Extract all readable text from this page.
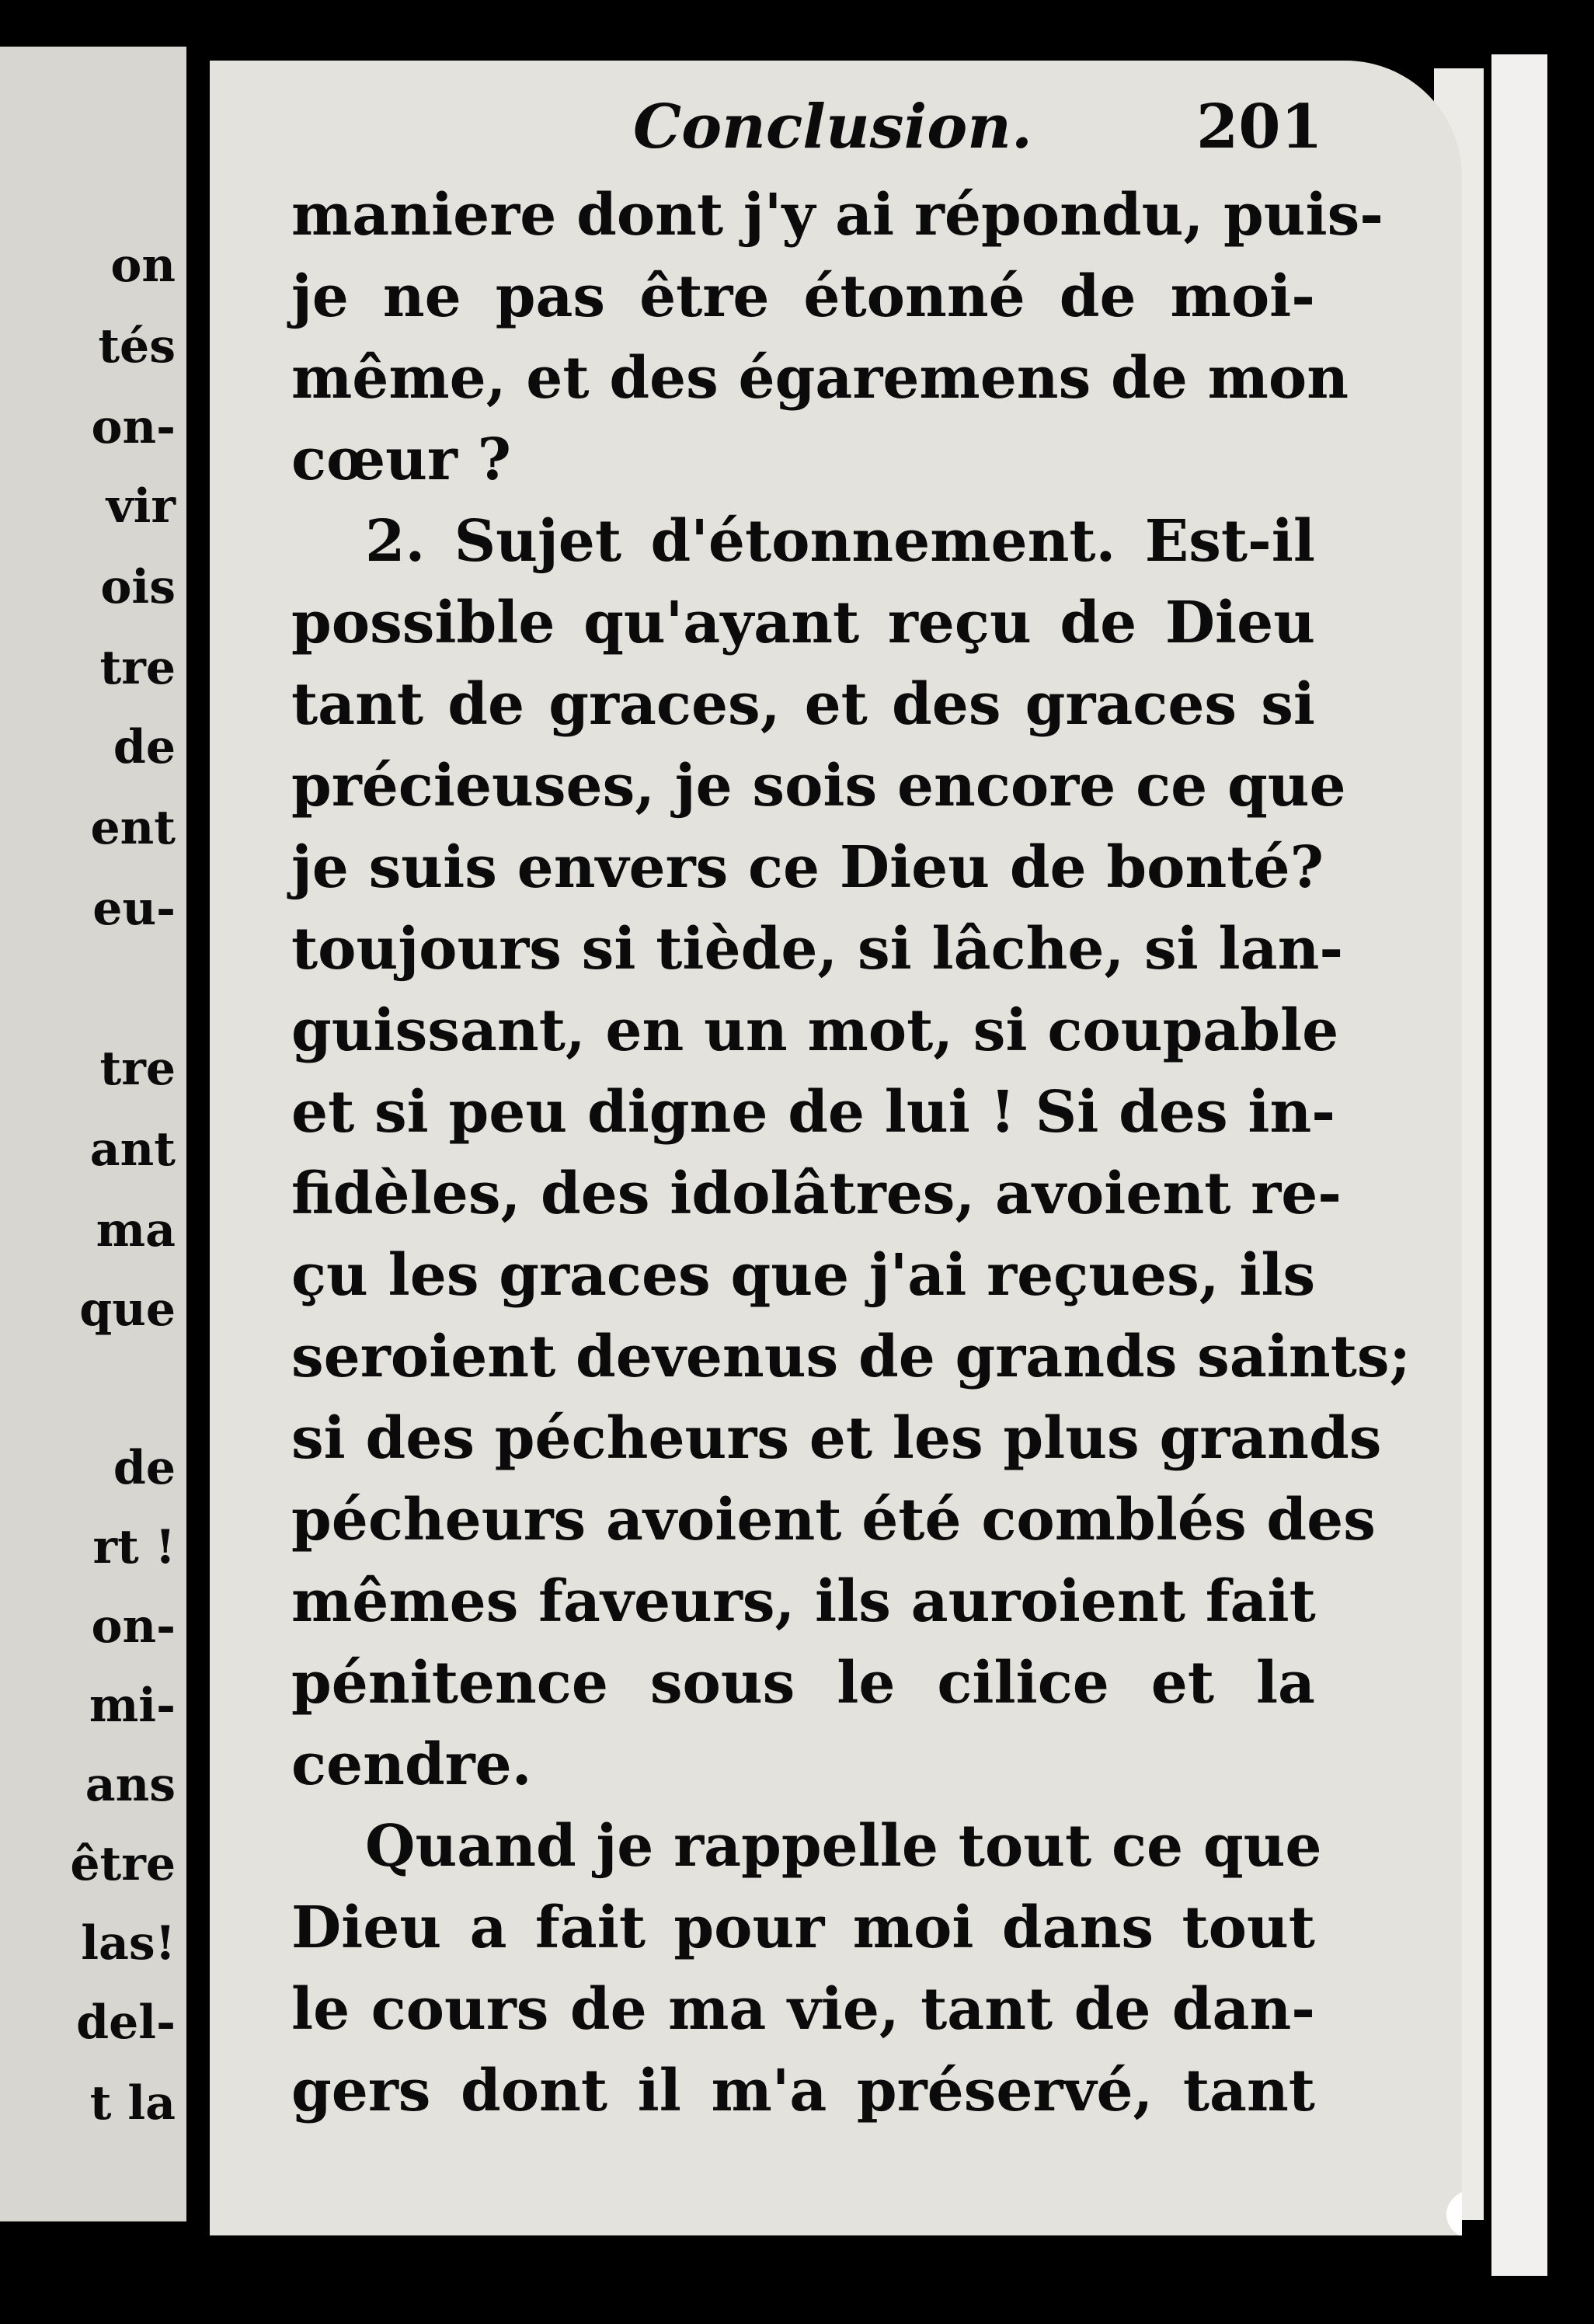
on
tés
on-
vir
ois
tre
de
ent
eu-
tre
ant
ma
que
de
rt !
on-
mi-
ans
être
las!
del-
t la
Conclusion.	201
maniere dont j'y ai répondu, puis-
je ne pas être étonné de moi-
même, et des égaremens de mon
cœur ?
2. Sujet d'étonnement. Est-il
possible qu'ayant reçu de Dieu
tant de graces, et des graces si
précieuses, je sois encore ce que
je suis envers ce Dieu de bonté?
toujours si tiède, si lâche, si lan-
guissant, en un mot, si coupable
et si peu digne de lui ! Si des in-
fidèles, des idolâtres, avoient re-
çu les graces que j'ai reçues, ils
seroient devenus de grands saints;
si des pécheurs et les plus grands
pécheurs avoient été comblés des
mêmes faveurs, ils auroient fait
pénitence sous le cilice et la
cendre.
Quand je rappelle tout ce que
Dieu a fait pour moi dans tout
le cours de ma vie, tant de dan-
gers dont il m'a préservé, tant
